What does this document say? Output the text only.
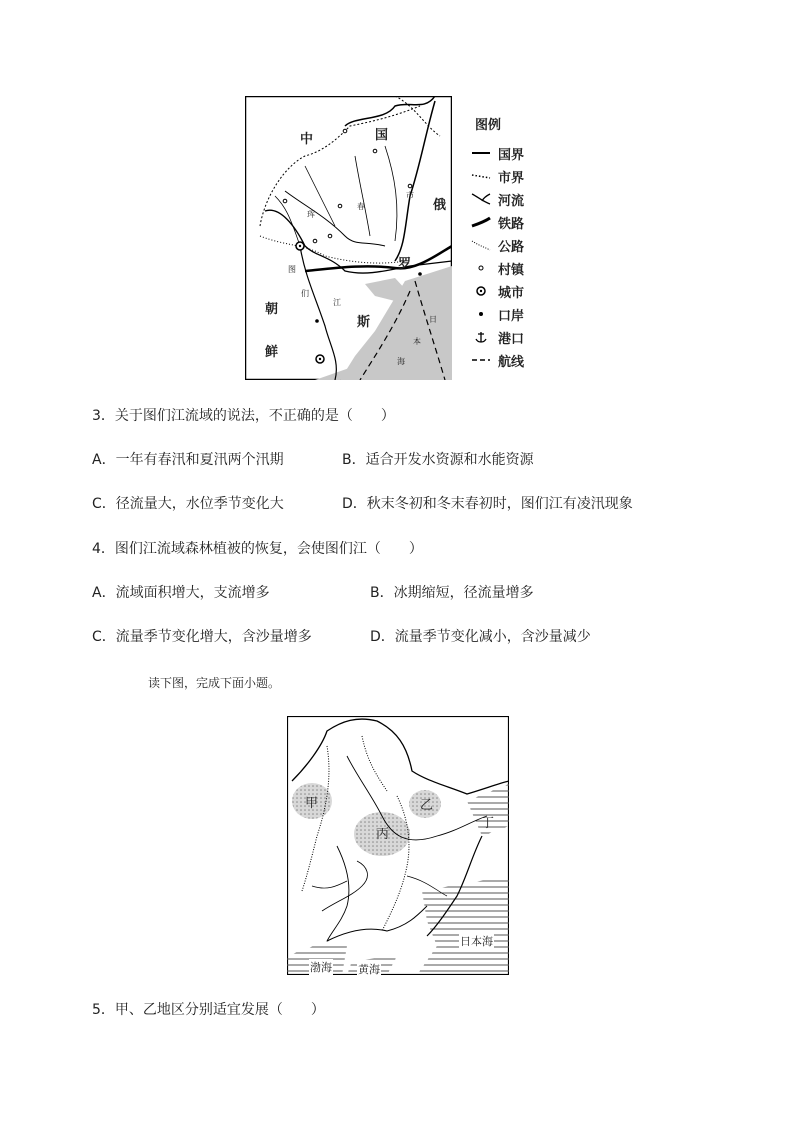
中	国
俄
罗
斯
朝
鲜
珲
春
市
图
们
江
日
本
海
图例
国界
市界
河流
铁路
公路
村镇
城市
口岸
港口
航线
3．关于图们江流域的说法，不正确的是（　　）
A．一年有春汛和夏汛两个汛期	B．适合开发水资源和水能资源
C．径流量大，水位季节变化大	D．秋末冬初和冬末春初时，图们江有凌汛现象
4．图们江流域森林植被的恢复，会使图们江（　　）
A．流域面积增大，支流增多	B．冰期缩短，径流量增多
C．流量季节变化增大，含沙量增多	D．流量季节变化减小，含沙量减少
读下图，完成下面小题。
甲	乙
丙
丁
日本海
渤海 黄海
5．甲、乙地区分别适宜发展（　　）
